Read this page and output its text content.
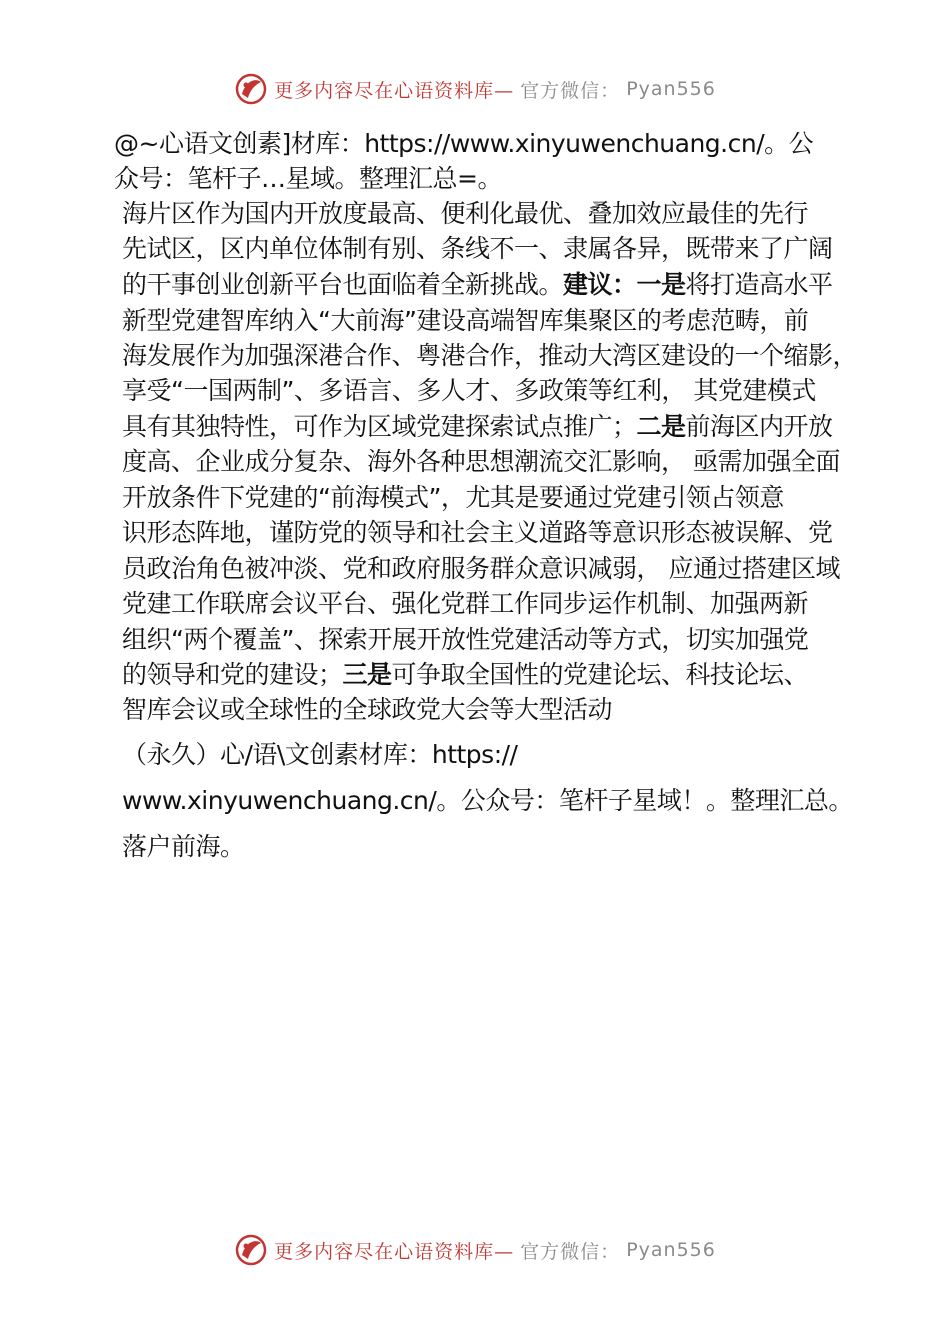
更多内容尽在心语资料库— 官方微信： Pyan556
@~心语文创素]材库：https://www.xinyuwenchuang.cn/。公
众号：笔杆子…星域。整理汇总=。
海片区作为国内开放度最高、便利化最优、叠加效应最佳的先行
先试区，区内单位体制有别、条线不一、隶属各异，既带来了广阔
的干事创业创新平台也面临着全新挑战。建议：一是将打造高水平
新型党建智库纳入“大前海”建设高端智库集聚区的考虑范畴，前
海发展作为加强深港合作、粤港合作，推动大湾区建设的一个缩影，
享受“一国两制”、多语言、多人才、多政策等红利， 其党建模式
具有其独特性，可作为区域党建探索试点推广；二是前海区内开放
度高、企业成分复杂、海外各种思想潮流交汇影响， 亟需加强全面
开放条件下党建的“前海模式”，尤其是要通过党建引领占领意
识形态阵地，谨防党的领导和社会主义道路等意识形态被误解、党
员政治角色被冲淡、党和政府服务群众意识减弱， 应通过搭建区域
党建工作联席会议平台、强化党群工作同步运作机制、加强两新
组织“两个覆盖”、探索开展开放性党建活动等方式，切实加强党
的领导和党的建设；三是可争取全国性的党建论坛、科技论坛、
智库会议或全球性的全球政党大会等大型活动
（永久）心/语\文创素材库：https://
www.xinyuwenchuang.cn/。公众号：笔杆子星域！。整理汇总。
落户前海。
更多内容尽在心语资料库— 官方微信： Pyan556
